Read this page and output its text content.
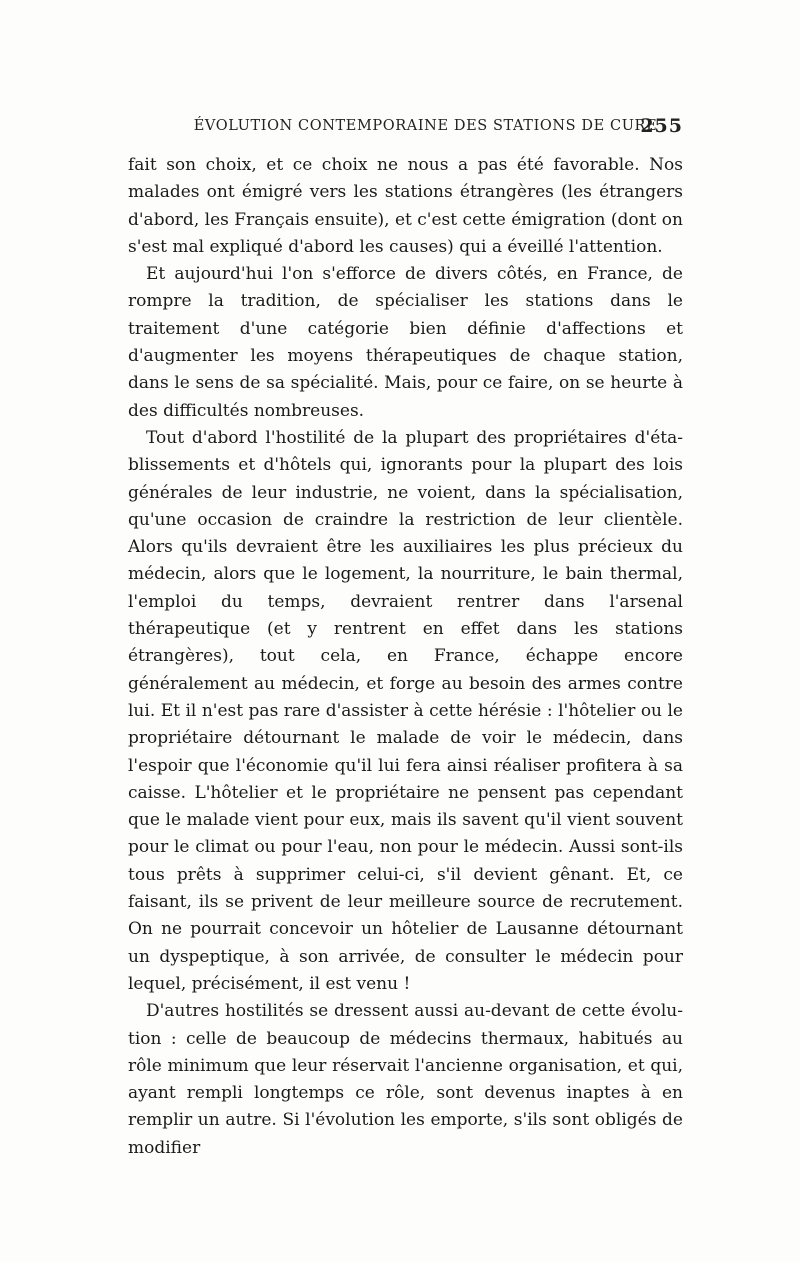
ÉVOLUTION CONTEMPORAINE DES STATIONS DE CURE
255

fait son choix, et ce choix ne nous a pas été favorable. Nos malades ont émigré vers les stations étrangères (les étrangers d'abord, les Français ensuite), et c'est cette émigration (dont on s'est mal expliqué d'abord les causes) qui a éveillé l'attention.

Et aujourd'hui l'on s'efforce de divers côtés, en France, de rompre la tradition, de spécialiser les stations dans le traitement d'une catégorie bien définie d'affections et d'augmenter les moyens thérapeutiques de chaque station, dans le sens de sa spécialité. Mais, pour ce faire, on se heurte à des difficultés nombreuses.

Tout d'abord l'hostilité de la plupart des propriétaires d'établissements et d'hôtels qui, ignorants pour la plupart des lois générales de leur industrie, ne voient, dans la spécialisation, qu'une occasion de craindre la restriction de leur clientèle. Alors qu'ils devraient être les auxiliaires les plus précieux du médecin, alors que le logement, la nourriture, le bain thermal, l'emploi du temps, devraient rentrer dans l'arsenal thérapeutique (et y rentrent en effet dans les stations étrangères), tout cela, en France, échappe encore généralement au médecin, et forge au besoin des armes contre lui. Et il n'est pas rare d'assister à cette hérésie : l'hôtelier ou le propriétaire détournant le malade de voir le médecin, dans l'espoir que l'économie qu'il lui fera ainsi réaliser profitera à sa caisse. L'hôtelier et le propriétaire ne pensent pas cependant que le malade vient pour eux, mais ils savent qu'il vient souvent pour le climat ou pour l'eau, non pour le médecin. Aussi sont-ils tous prêts à supprimer celui-ci, s'il devient gênant. Et, ce faisant, ils se privent de leur meilleure source de recrutement. On ne pourrait concevoir un hôtelier de Lausanne détournant un dyspeptique, à son arrivée, de consulter le médecin pour lequel, précisément, il est venu !

D'autres hostilités se dressent aussi au-devant de cette évolution : celle de beaucoup de médecins thermaux, habitués au rôle minimum que leur réservait l'ancienne organisation, et qui, ayant rempli longtemps ce rôle, sont devenus inaptes à en remplir un autre. Si l'évolution les emporte, s'ils sont obligés de modifier
